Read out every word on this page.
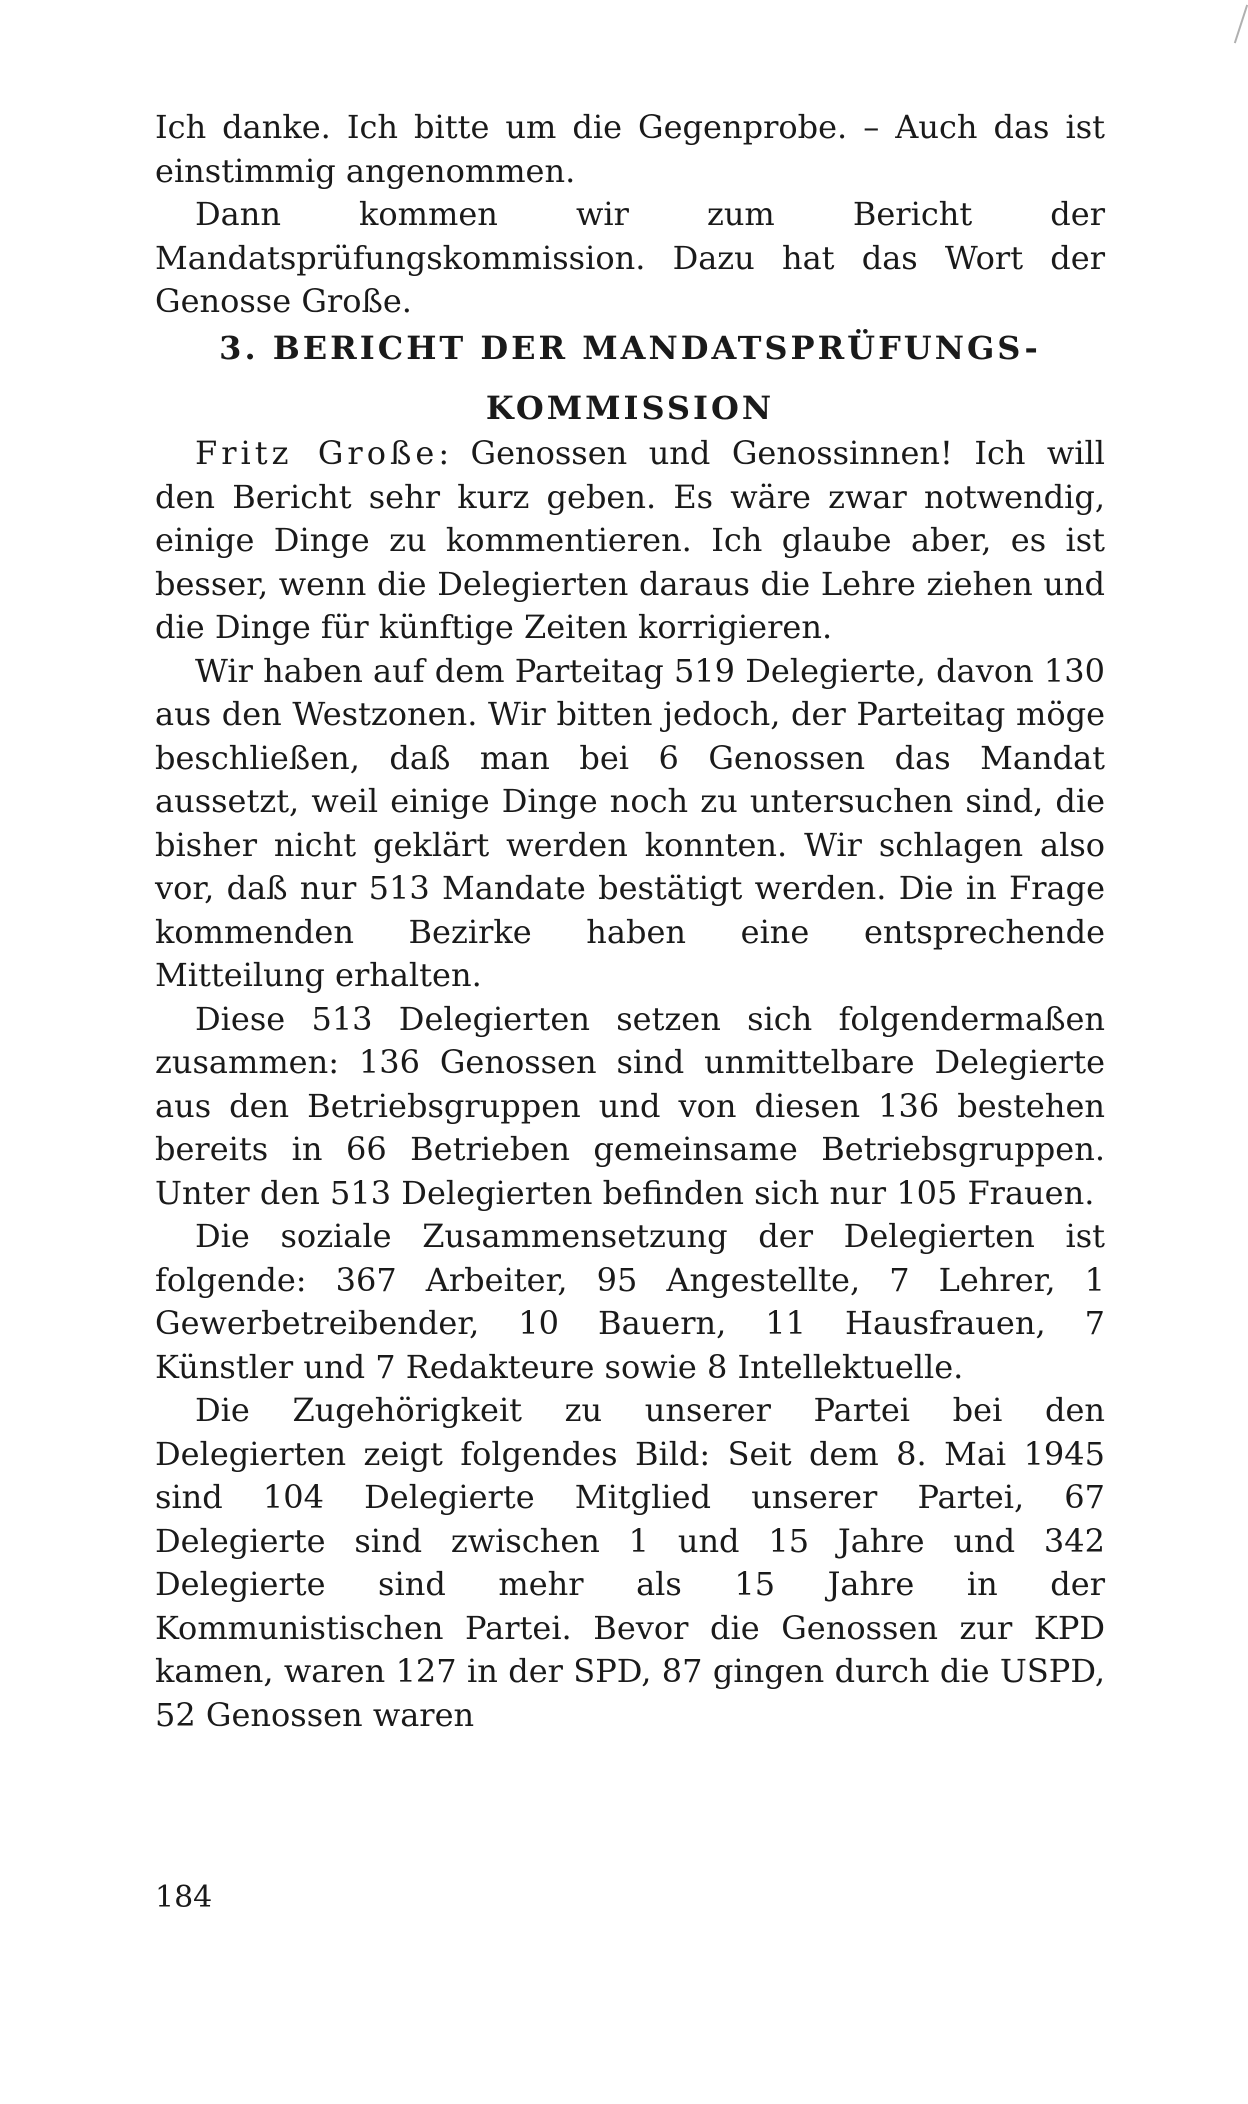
Ich danke. Ich bitte um die Gegenprobe. – Auch das ist einstimmig angenommen.

Dann kommen wir zum Bericht der Mandatsprüfungskommission. Dazu hat das Wort der Genosse Große.

3. BERICHT DER MANDATSPRÜFUNGS-
KOMMISSION

Fritz Große: Genossen und Genossinnen! Ich will den Bericht sehr kurz geben. Es wäre zwar notwendig, einige Dinge zu kommentieren. Ich glaube aber, es ist besser, wenn die Delegierten daraus die Lehre ziehen und die Dinge für künftige Zeiten korrigieren.

Wir haben auf dem Parteitag 519 Delegierte, davon 130 aus den Westzonen. Wir bitten jedoch, der Parteitag möge beschließen, daß man bei 6 Genossen das Mandat aussetzt, weil einige Dinge noch zu untersuchen sind, die bisher nicht geklärt werden konnten. Wir schlagen also vor, daß nur 513 Mandate bestätigt werden. Die in Frage kommenden Bezirke haben eine entsprechende Mitteilung erhalten.

Diese 513 Delegierten setzen sich folgendermaßen zusammen: 136 Genossen sind unmittelbare Delegierte aus den Betriebsgruppen und von diesen 136 bestehen bereits in 66 Betrieben gemeinsame Betriebsgruppen. Unter den 513 Delegierten befinden sich nur 105 Frauen.

Die soziale Zusammensetzung der Delegierten ist folgende: 367 Arbeiter, 95 Angestellte, 7 Lehrer, 1 Gewerbetreibender, 10 Bauern, 11 Hausfrauen, 7 Künstler und 7 Redakteure sowie 8 Intellektuelle.

Die Zugehörigkeit zu unserer Partei bei den Delegierten zeigt folgendes Bild: Seit dem 8. Mai 1945 sind 104 Delegierte Mitglied unserer Partei, 67 Delegierte sind zwischen 1 und 15 Jahre und 342 Delegierte sind mehr als 15 Jahre in der Kommunistischen Partei. Bevor die Genossen zur KPD kamen, waren 127 in der SPD, 87 gingen durch die USPD, 52 Genossen waren

184
